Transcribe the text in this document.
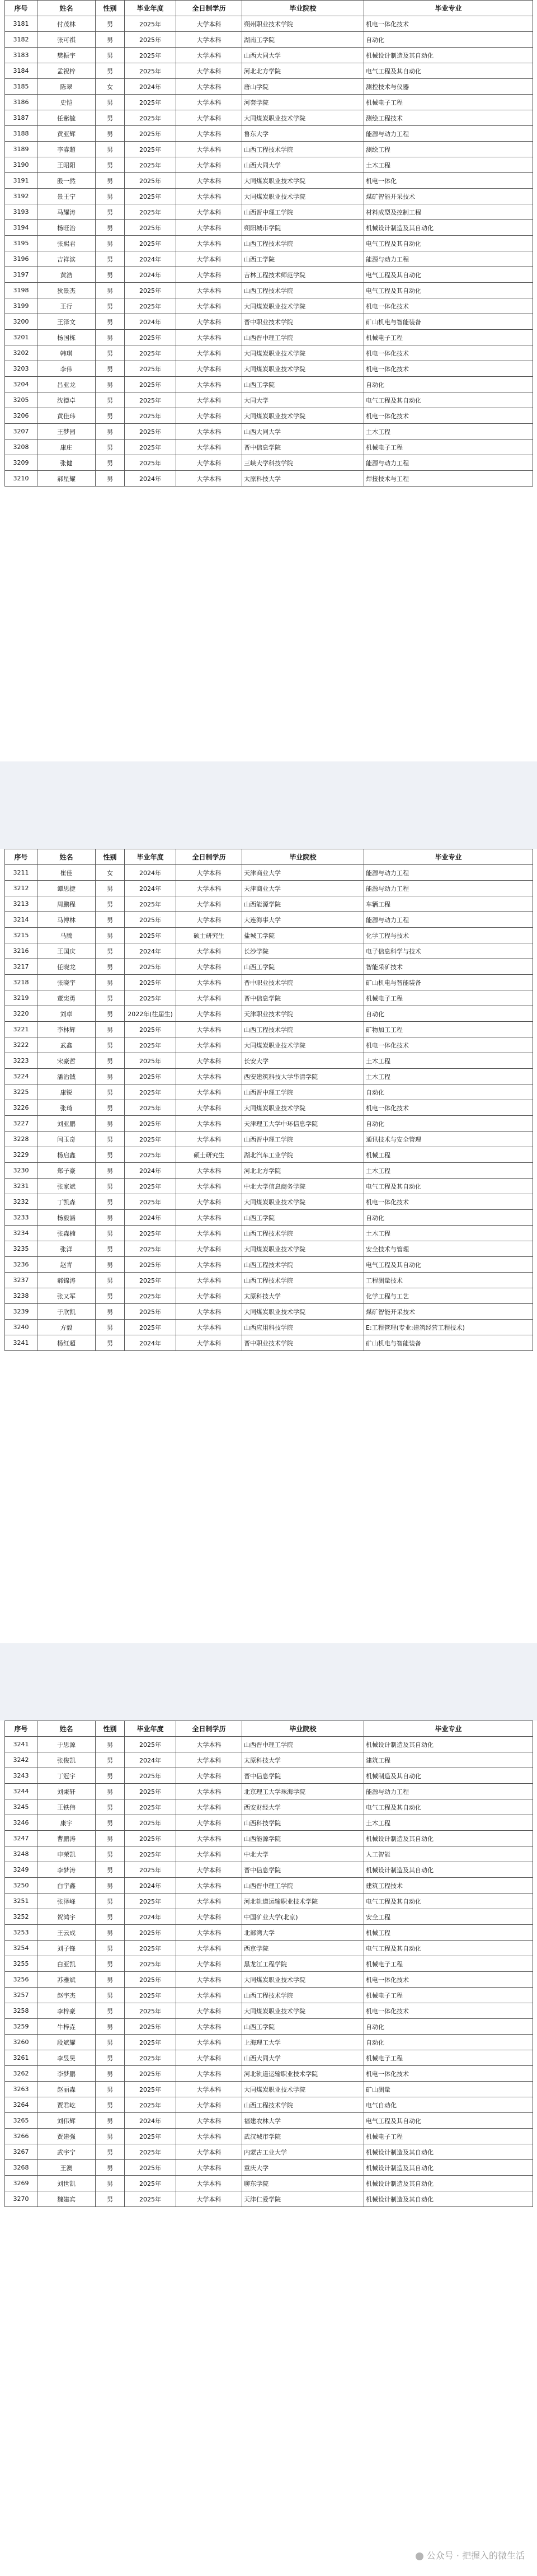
序号	姓名	性别	毕业年度	全日制学历	毕业院校	毕业专业
3181	付茂林	男	2025年	大学本科	朔州职业技术学院	机电一体化技术
3182	张可祺	男	2025年	大学本科	湖南工学院	自动化
3183	樊振宇	男	2025年	大学本科	山西大同大学	机械设计制造及其自动化
3184	孟祝梓	男	2025年	大学本科	河北北方学院	电气工程及其自动化
3185	陈翠	女	2024年	大学本科	唐山学院	测控技术与仪器
3186	史恺	男	2025年	大学本科	河套学院	机械电子工程
3187	任紫毓	男	2025年	大学本科	大同煤炭职业技术学院	测绘工程技术
3188	黄亚辉	男	2025年	大学本科	鲁东大学	能源与动力工程
3189	李睿超	男	2025年	大学本科	山西工程技术学院	测绘工程
3190	王昭阳	男	2025年	大学本科	山西大同大学	土木工程
3191	殷一然	男	2025年	大学本科	大同煤炭职业技术学院	机电一体化
3192	景王宁	男	2025年	大学本科	大同煤炭职业技术学院	煤矿智能开采技术
3193	马耀涛	男	2025年	大学本科	山西晋中理工学院	材料成型及控制工程
3194	杨旺治	男	2025年	大学本科	朔阳城市学院	机械设计制造及其自动化
3195	张熙君	男	2025年	大学本科	山西工程技术学院	电气工程及其自动化
3196	吉祥滨	男	2024年	大学本科	山西工学院	能源与动力工程
3197	黄浩	男	2024年	大学本科	吉林工程技术师范学院	电气工程及其自动化
3198	狄景杰	男	2025年	大学本科	山西工程技术学院	电气工程及其自动化
3199	王行	男	2025年	大学本科	大同煤炭职业技术学院	机电一体化技术
3200	王泽文	男	2024年	大学本科	晋中职业技术学院	矿山机电与智能装备
3201	杨国栋	男	2025年	大学本科	山西晋中理工学院	机械电子工程
3202	韩琪	男	2025年	大学本科	大同煤炭职业技术学院	机电一体化技术
3203	李伟	男	2025年	大学本科	大同煤炭职业技术学院	机电一体化技术
3204	吕亚龙	男	2025年	大学本科	山西工学院	自动化
3205	沈德卓	男	2025年	大学本科	大同大学	电气工程及其自动化
3206	黄佳玮	男	2025年	大学本科	大同煤炭职业技术学院	机电一体化技术
3207	王梦园	男	2025年	大学本科	山西大同大学	土木工程
3208	康庄	男	2025年	大学本科	晋中信息学院	机械电子工程
3209	张健	男	2025年	大学本科	三峡大学科技学院	能源与动力工程
3210	郝星耀	男	2024年	大学本科	太原科技大学	焊接技术与工程
序号	姓名	性别	毕业年度	全日制学历	毕业院校	毕业专业
3211	崔佳	女	2024年	大学本科	天津商业大学	能源与动力工程
3212	谭思捷	男	2024年	大学本科	天津商业大学	能源与动力工程
3213	周鹏程	男	2025年	大学本科	山西能源学院	车辆工程
3214	马博林	男	2025年	大学本科	大连海事大学	能源与动力工程
3215	马腾	男	2025年	硕士研究生	盐城工学院	化学工程与技术
3216	王国庆	男	2024年	大学本科	长沙学院	电子信息科学与技术
3217	任晓龙	男	2025年	大学本科	山西工学院	智能采矿技术
3218	张晓宇	男	2025年	大学本科	晋中职业技术学院	矿山机电与智能装备
3219	董宪勇	男	2025年	大学本科	晋中信息学院	机械电子工程
3220	刘卓	男	2022年(往届生)	大学本科	天津职业技术学院	自动化
3221	李林辉	男	2025年	大学本科	山西工程技术学院	矿物加工工程
3222	武鑫	男	2025年	大学本科	大同煤炭职业技术学院	机电一体化技术
3223	宋豪哲	男	2025年	大学本科	长安大学	土木工程
3224	潘治铖	男	2025年	大学本科	西安建筑科技大学华清学院	土木工程
3225	康锐	男	2025年	大学本科	山西晋中理工学院	自动化
3226	张琦	男	2025年	大学本科	大同煤炭职业技术学院	机电一体化技术
3227	刘亚鹏	男	2025年	大学本科	天津理工大学中环信息学院	自动化
3228	闫玉奇	男	2025年	大学本科	山西晋中理工学院	通讯技术与安全管理
3229	杨启鑫	男	2025年	硕士研究生	湖北汽车工业学院	机械工程
3230	郑子豪	男	2024年	大学本科	河北北方学院	土木工程
3231	张家斌	男	2025年	大学本科	中北大学信息商务学院	电气工程及其自动化
3232	丁凯森	男	2025年	大学本科	大同煤炭职业技术学院	机电一体化技术
3233	杨毅涵	男	2024年	大学本科	山西工学院	自动化
3234	张森楠	男	2025年	大学本科	山西工程技术学院	土木工程
3235	张洋	男	2025年	大学本科	大同煤炭职业技术学院	安全技术与管理
3236	赵青	男	2025年	大学本科	山西工程技术学院	电气工程及其自动化
3237	郝锦涛	男	2025年	大学本科	山西工程技术学院	工程测量技术
3238	张又军	男	2025年	大学本科	太原科技大学	化学工程与工艺
3239	于欣凯	男	2025年	大学本科	大同煤炭职业技术学院	煤矿智能开采技术
3240	方毅	男	2025年	大学本科	山西应用科技学院	E:工程管理(专业:建筑经营工程技术)
3241	杨红超	男	2024年	大学本科	晋中职业技术学院	矿山机电与智能装备
序号	姓名	性别	毕业年度	全日制学历	毕业院校	毕业专业
3241	于思源	男	2025年	大学本科	山西晋中理工学院	机械设计制造及其自动化
3242	张俊凯	男	2024年	大学本科	太原科技大学	建筑工程
3243	丁冠宇	男	2025年	大学本科	晋中信息学院	机械制造及其自动化
3244	刘秉轩	男	2025年	大学本科	北京理工大学珠海学院	能源与动力工程
3245	王铁伟	男	2025年	大学本科	西安财经大学	电气工程及其自动化
3246	康宇	男	2025年	大学本科	山西科技学院	土木工程
3247	曹鹏涛	男	2025年	大学本科	山西能源学院	机械设计制造及其自动化
3248	申荣凯	男	2025年	大学本科	中北大学	人工智能
3249	李梦涛	男	2025年	大学本科	晋中信息学院	机械设计制造及其自动化
3250	白宇鑫	男	2024年	大学本科	山西晋中理工学院	建筑工程技术
3251	张泽峰	男	2025年	大学本科	河北轨道运输职业技术学院	电气工程及其自动化
3252	贺鸿宇	男	2024年	大学本科	中国矿业大学(北京)	安全工程
3253	王云成	男	2025年	大学本科	北部湾大学	机械工程
3254	刘子锋	男	2025年	大学本科	西京学院	电气工程及其自动化
3255	白亚凯	男	2025年	大学本科	黑龙江工程学院	机械电子工程
3256	苏雅斌	男	2025年	大学本科	大同煤炭职业技术学院	机电一体化技术
3257	赵宇杰	男	2025年	大学本科	山西工程技术学院	机械电子工程
3258	李梓豪	男	2025年	大学本科	大同煤炭职业技术学院	机电一体化技术
3259	牛梓垚	男	2025年	大学本科	山西工学院	自动化
3260	段斌耀	男	2025年	大学本科	上海理工大学	自动化
3261	李昱昊	男	2025年	大学本科	山西大同大学	机械电子工程
3262	李梦鹏	男	2025年	大学本科	河北轨道运输职业技术学院	机电一体化技术
3263	赵丽森	男	2025年	大学本科	大同煤炭职业技术学院	矿山测量
3264	贾君屹	男	2025年	大学本科	山西工程技术学院	电气自动化
3265	刘伟辉	男	2024年	大学本科	福建农林大学	电气工程及其自动化
3266	贾建强	男	2025年	大学本科	武汉城市学院	机械电子工程
3267	武宇宁	男	2025年	大学本科	内蒙古工业大学	机械设计制造及其自动化
3268	王澳	男	2025年	大学本科	重庆大学	机械设计制造及其自动化
3269	刘世凯	男	2025年	大学本科	聊东学院	机械设计制造及其自动化
3270	魏建宾	男	2025年	大学本科	天津仁爱学院	机械设计制造及其自动化
公众号 · 把握入的微生活
